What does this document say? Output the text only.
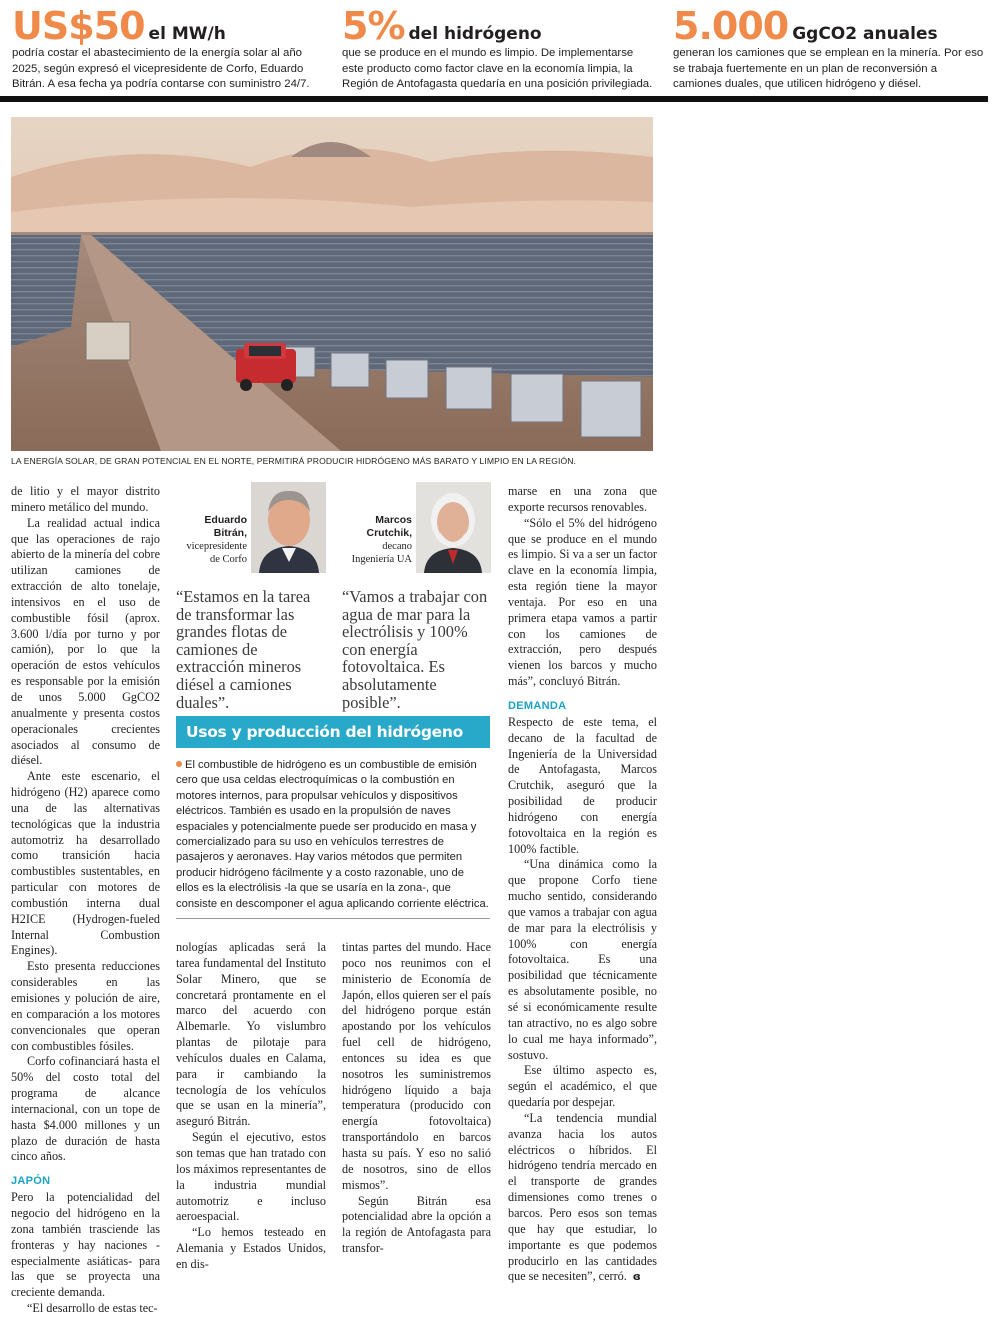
US$50 el MW/h
podría costar el abastecimiento de la energía solar al año 2025, según expresó el vicepresidente de Corfo, Eduardo Bitrán. A esa fecha ya podría contarse con suministro 24/7.
5% del hidrógeno
que se produce en el mundo es limpio. De implementarse este producto como factor clave en la economía limpia, la Región de Antofagasta quedaría en una posición privilegiada.
5.000 GgCO2 anuales
generan los camiones que se emplean en la minería. Por eso se trabaja fuertemente en un plan de reconversión a camiones duales, que utilicen hidrógeno y diésel.
LA ENERGÍA SOLAR, DE GRAN POTENCIAL EN EL NORTE, PERMITIRÁ PRODUCIR HIDRÓGENO MÁS BARATO Y LIMPIO EN LA REGIÓN.

de litio y el mayor distrito minero metálico del mundo.

La realidad actual indica que las operaciones de rajo abierto de la minería del cobre utilizan camiones de extracción de alto tonelaje, intensivos en el uso de combustible fósil (aprox. 3.600 l/día por turno y por camión), por lo que la operación de estos vehículos es responsable por la emisión de unos 5.000 GgCO2 anualmente y presenta costos operacionales crecientes asociados al consumo de diésel.

Ante este escenario, el hidrógeno (H2) aparece como una de las alternativas tecnológicas que la industria automotriz ha desarrollado como transición hacia combustibles sustentables, en particular con motores de combustión interna dual H2ICE (Hydrogen-fueled Internal Combustion Engines).

Esto presenta reducciones considerables en las emisiones y polución de aire, en comparación a los motores convencionales que operan con combustibles fósiles.

Corfo cofinanciará hasta el 50% del costo total del programa de alcance internacional, con un tope de hasta $4.000 millones y un plazo de duración de hasta cinco años.

JAPÓN

Pero la potencialidad del negocio del hidrógeno en la zona también trasciende las fronteras y hay naciones -especialmente asiáticas- para las que se proyecta una creciente demanda.

“El desarrollo de estas tec-

Eduardo Bitrán,
vicepresidente
de Corfo
“Estamos en la tarea de transformar las grandes flotas de camiones de extracción mineros diésel a camiones duales”.
Marcos Crutchik,
decano
Ingeniería UA
“Vamos a trabajar con agua de mar para la electrólisis y 100% con energía fotovoltaica. Es absolutamente posible”.
Usos y producción del hidrógeno
El combustible de hidrógeno es un combustible de emisión cero que usa celdas electroquímicas o la combustión en motores internos, para propulsar vehículos y dispositivos eléctricos. También es usado en la propulsión de naves espaciales y potencialmente puede ser producido en masa y comercializado para su uso en vehículos terrestres de pasajeros y aeronaves. Hay varios métodos que permiten producir hidrógeno fácilmente y a costo razonable, uno de ellos es la electrólisis -la que se usaría en la zona-, que consiste en descomponer el agua aplicando corriente eléctrica.

nologías aplicadas será la tarea fundamental del Instituto Solar Minero, que se concretará prontamente en el marco del acuerdo con Albemarle. Yo vislumbro plantas de pilotaje para vehículos duales en Calama, para ir cambiando la tecnología de los vehículos que se usan en la minería”, aseguró Bitrán.

Según el ejecutivo, estos son temas que han tratado con los máximos representantes de la industria mundial automotriz e incluso aeroespacial.

“Lo hemos testeado en Alemania y Estados Unidos, en dis-

tintas partes del mundo. Hace poco nos reunimos con el ministerio de Economía de Japón, ellos quieren ser el país del hidrógeno porque están apostando por los vehículos fuel cell de hidrógeno, entonces su idea es que nosotros les suministremos hidrógeno líquido a baja temperatura (producido con energía fotovoltaica) transportándolo en barcos hasta su país. Y eso no salió de nosotros, sino de ellos mismos”.

Según Bitrán esa potencialidad abre la opción a la región de Antofagasta para transfor-

marse en una zona que exporte recursos renovables.

“Sólo el 5% del hidrógeno que se produce en el mundo es limpio. Si va a ser un factor clave en la economía limpia, esta región tiene la mayor ventaja. Por eso en una primera etapa vamos a partir con los camiones de extracción, pero después vienen los barcos y mucho más”, concluyó Bitrán.

DEMANDA

Respecto de este tema, el decano de la facultad de Ingeniería de la Universidad de Antofagasta, Marcos Crutchik, aseguró que la posibilidad de producir hidrógeno con energía fotovoltaica en la región es 100% factible.

“Una dinámica como la que propone Corfo tiene mucho sentido, considerando que vamos a trabajar con agua de mar para la electrólisis y 100% con energía fotovoltaica. Es una posibilidad que técnicamente es absolutamente posible, no sé si económicamente resulte tan atractivo, no es algo sobre lo cual me haya informado”, sostuvo.

Ese último aspecto es, según el académico, el que quedaría por despejar.

“La tendencia mundial avanza hacia los autos eléctricos o híbridos. El hidrógeno tendría mercado en el transporte de grandes dimensiones como trenes o barcos. Pero esos son temas que hay que estudiar, lo importante es que podemos producirlo en las cantidades que se necesiten”, cerró. ɞ
